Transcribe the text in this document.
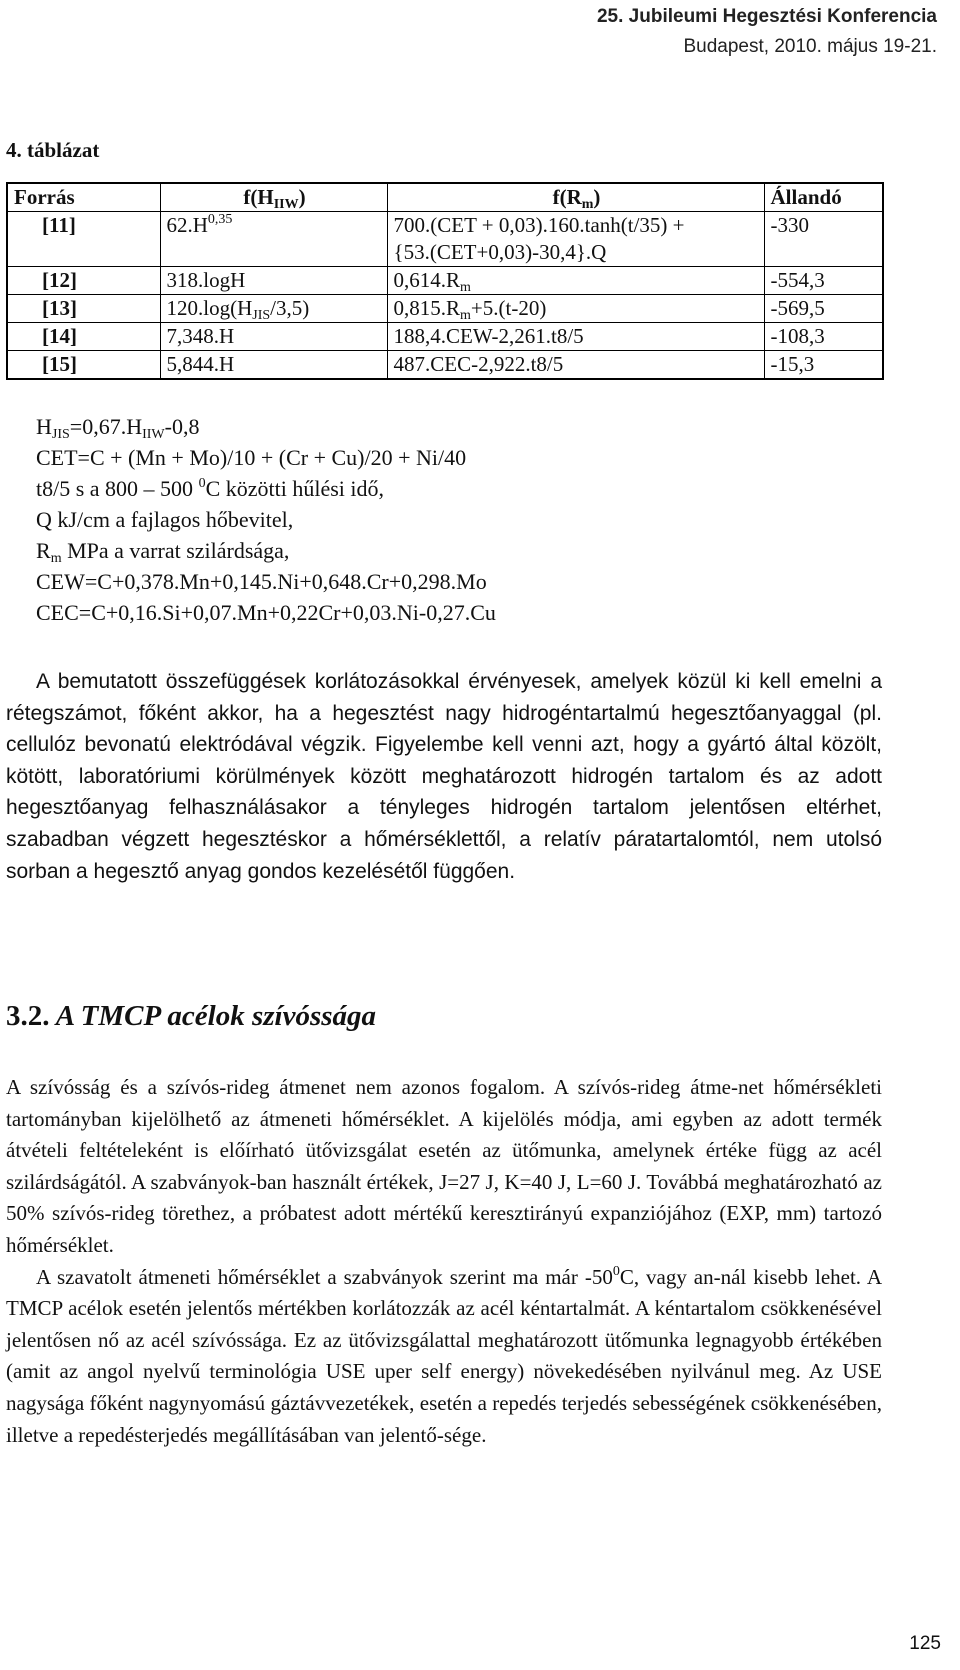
25. Jubileumi Hegesztési Konferencia
Budapest, 2010. május 19-21.
4. táblázat
Forrás	$f(H_{IIW})$	$f(R_m)$	Állandó
[11]	$62.H^{0,35}$	700.(CET + 0,03).160.tanh(t/35) +
{53.(CET+0,03)-30,4}.Q	-330
[12]	318.logH	$0,614.R_m$	-554,3
[13]	$120.\log(H_{JIS}/3,5)$	$0,815.R_m+5.(t-20)$	-569,5
[14]	7,348.H	188,4.CEW-2,261.t8/5	-108,3
[15]	5,844.H	487.CEC-2,922.t8/5	-15,3
$H_{JIS}=0,67.H_{IIW}-0,8$
CET=C + (Mn + Mo)/10 + (Cr + Cu)/20 + Ni/40
t8/5 s a 800 – 500 $^0$C közötti hűlési idő,
Q kJ/cm a fajlagos hőbevitel,
$R_m$ MPa a varrat szilárdsága,
CEW=C+0,378.Mn+0,145.Ni+0,648.Cr+0,298.Mo
CEC=C+0,16.Si+0,07.Mn+0,22Cr+0,03.Ni-0,27.Cu

A bemutatott összefüggések korlátozásokkal érvényesek, amelyek közül ki kell emelni a rétegszámot, főként akkor, ha a hegesztést nagy hidrogéntartalmú hegesztőanyaggal (pl. cellulóz bevonatú elektródával végzik. Figyelembe kell venni azt, hogy a gyártó által közölt, kötött, laboratóriumi körülmények között meghatározott hidrogén tartalom és az adott hegesztőanyag felhasználásakor a tényleges hidrogén tartalom jelentősen eltérhet, szabadban végzett hegesztéskor a hőmérséklettől, a relatív páratartalomtól, nem utolsó sorban a hegesztő anyag gondos kezelésétől függően.

3.2. A TMCP acélok szívóssága

A szívósság és a szívós-rideg átmenet nem azonos fogalom. A szívós-rideg átme-net hőmérsékleti tartományban kijelölhető az átmeneti hőmérséklet. A kijelölés módja, ami egyben az adott termék átvételi feltételeként is előírható ütővizsgálat esetén az ütőmunka, amelynek értéke függ az acél szilárdságától. A szabványok-ban használt értékek, J=27 J, K=40 J, L=60 J. Továbbá meghatározható az 50% szívós-rideg törethez, a próbatest adott mértékű keresztirányú expanziójához (EXP, mm) tartozó hőmérséklet.

A szavatolt átmeneti hőmérséklet a szabványok szerint ma már $-50^0C$, vagy an-nál kisebb lehet. A TMCP acélok esetén jelentős mértékben korlátozzák az acél kéntartalmát. A kéntartalom csökkenésével jelentősen nő az acél szívóssága. Ez az ütővizsgálattal meghatározott ütőmunka legnagyobb értékében (amit az angol nyelvű terminológia USE uper self energy) növekedésében nyilvánul meg. Az USE nagysága főként nagynyomású gáztávvezetékek, esetén a repedés terjedés sebességének csökkenésében, illetve a repedésterjedés megállításában van jelentő-sége.

125
